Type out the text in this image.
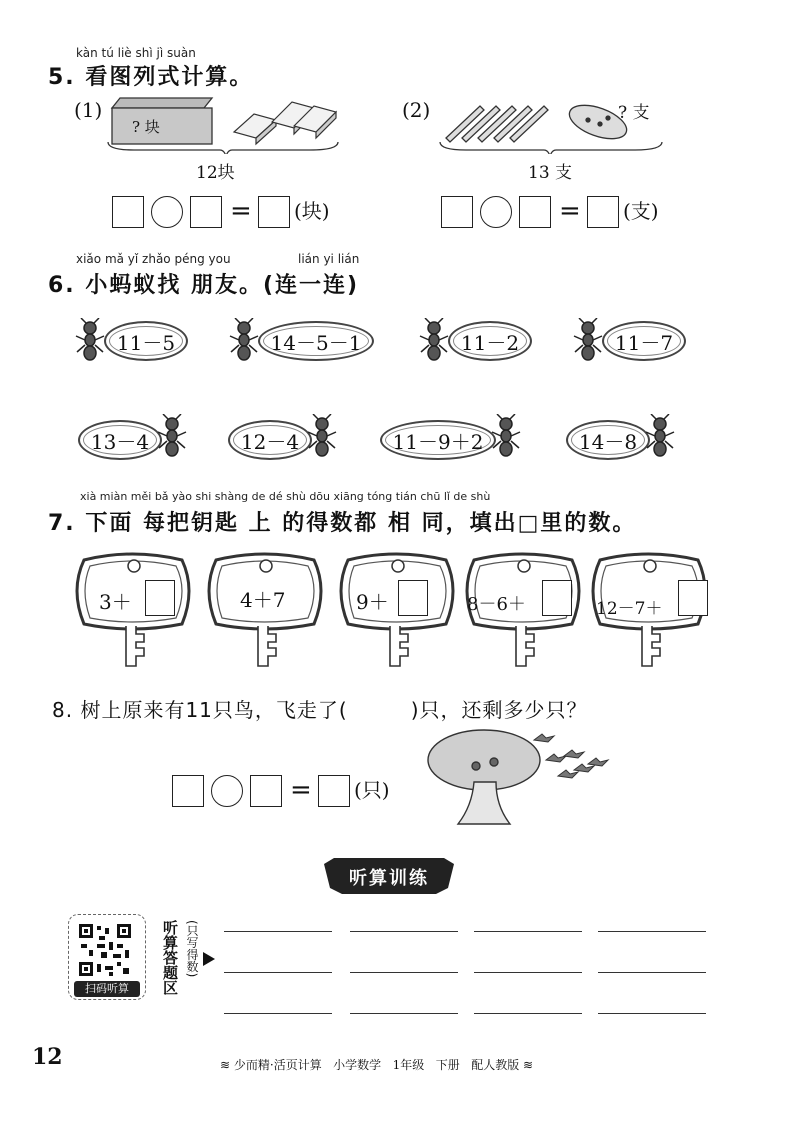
kàn tú liè shì jì suàn
5. 看图列式计算。
(1)
? 块
12块
= (块)
(2)	? 支
13 支
= (支)
xiǎo mǎ yǐ zhǎo péng you	lián yi lián
6. 小蚂蚁找 朋友。(连一连)
11－5	14－5－1	11－2	11－7
13－4	12－4	11－9＋2	14－8
xià miàn měi bǎ yào shi shàng de dé shù dōu xiāng tóng tián chū lǐ de shù
7. 下面 每把钥匙 上 的得数都 相 同，填出□里的数。
3＋	4＋7	9＋	8－6＋	12－7＋
8. 树上原来有11只鸟，飞走了(　　　)只，还剩多少只？
= (只)
听算训练
扫码听算	听算答题区 (只写得数)
12	≋ 少而精·活页计算 小学数学 1年级 下册 配人教版 ≋
